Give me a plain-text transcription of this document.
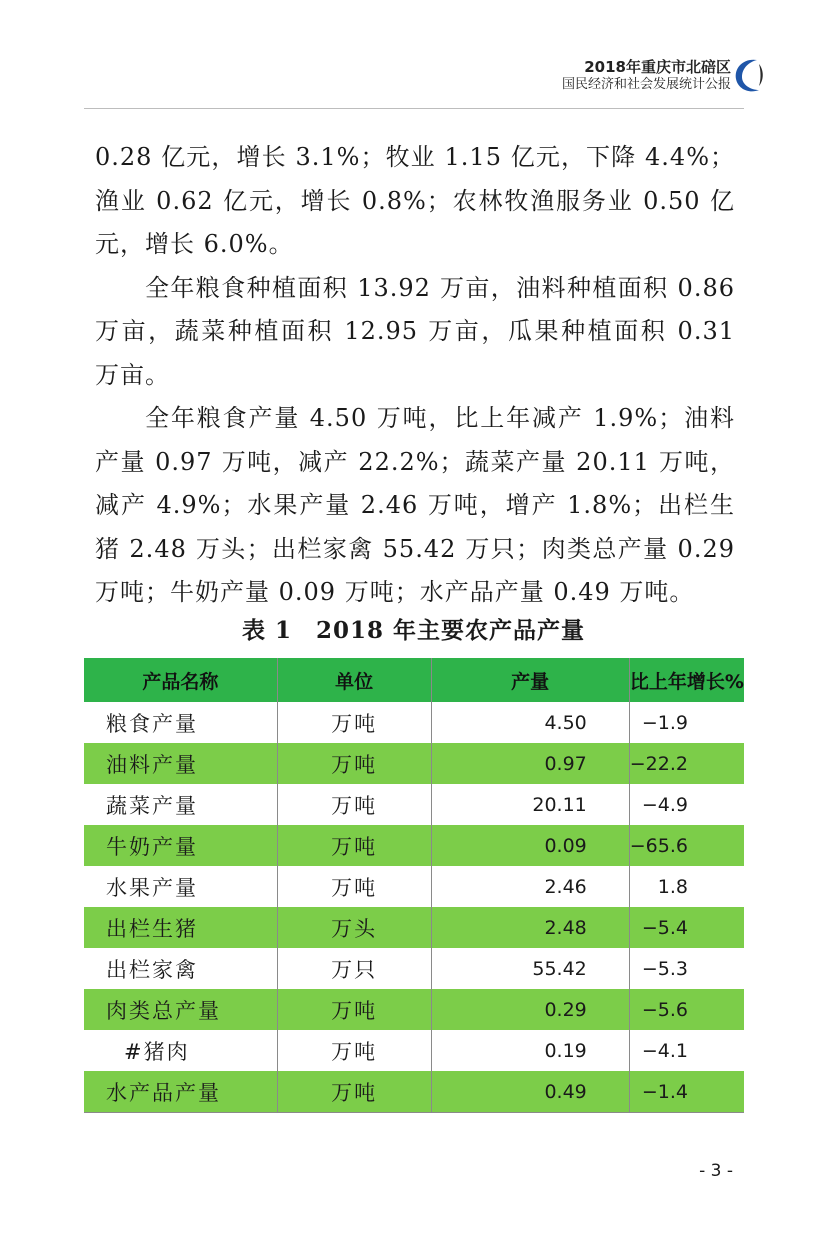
2018年重庆市北碚区
国民经济和社会发展统计公报

0.28 亿元，增长 3.1%；牧业 1.15 亿元，下降 4.4%；渔业 0.62 亿元，增长 0.8%；农林牧渔服务业 0.50 亿元，增长 6.0%。

全年粮食种植面积 13.92 万亩，油料种植面积 0.86 万亩，蔬菜种植面积 12.95 万亩，瓜果种植面积 0.31 万亩。

全年粮食产量 4.50 万吨，比上年减产 1.9%；油料产量 0.97 万吨，减产 22.2%；蔬菜产量 20.11 万吨，减产 4.9%；水果产量 2.46 万吨，增产 1.8%；出栏生猪 2.48 万头；出栏家禽 55.42 万只；肉类总产量 0.29 万吨；牛奶产量 0.09 万吨；水产品产量 0.49 万吨。

表 1　2018 年主要农产品产量
产品名称	单位	产量	比上年增长%
粮食产量	万吨	4.50	−1.9
油料产量	万吨	0.97	−22.2
蔬菜产量	万吨	20.11	−4.9
牛奶产量	万吨	0.09	−65.6
水果产量	万吨	2.46	1.8
出栏生猪	万头	2.48	−5.4
出栏家禽	万只	55.42	−5.3
肉类总产量	万吨	0.29	−5.6
#猪肉	万吨	0.19	−4.1
水产品产量	万吨	0.49	−1.4
- 3 -
